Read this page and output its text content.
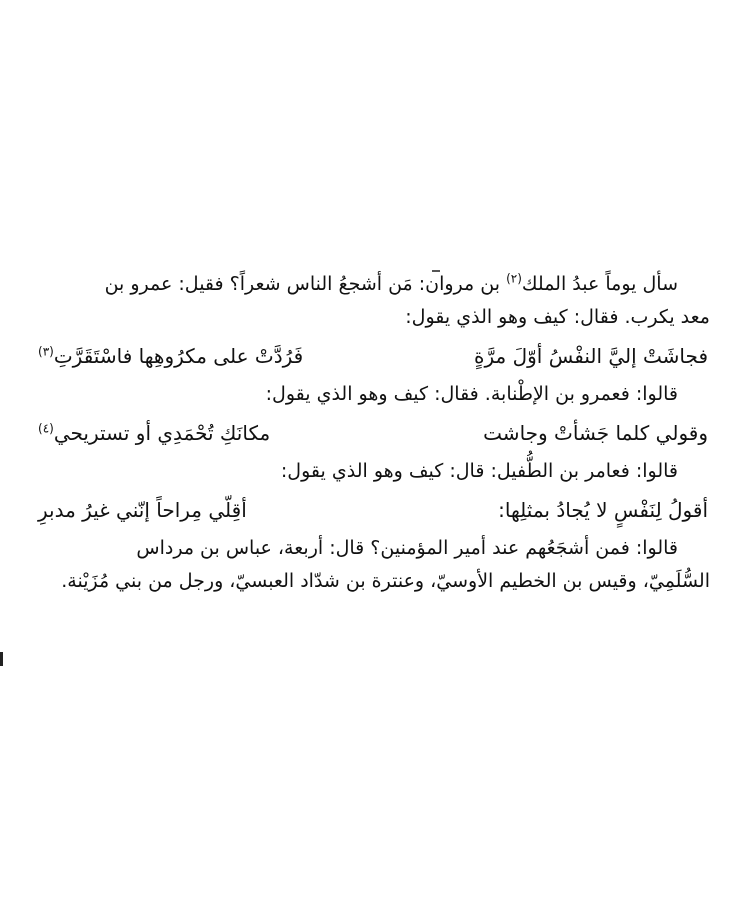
سأل يوماً عبدُ الملك$^{(٢)}$ بن مروان: مَن أشجعُ الناس شعراً؟ فقيل: عمرو بن
معد يكرب. فقال: كيف وهو الذي يقول:
فجاشَتْ إليَّ النفْسُ أوّلَ مرَّةٍ
فَرُدَّتْ على مكرُوهِها فاسْتَقَرَّتِ$^{(٣)}$
قالوا: فعمرو بن الإطْنابة. فقال: كيف وهو الذي يقول:
وقولي كلما جَشأتْ وجاشت
مكانَكِ تُحْمَدِي أو تستريحي$^{(٤)}$
قالوا: فعامر بن الطُّفيل: قال: كيف وهو الذي يقول:
أقولُ لِنَفْسٍ لا يُجادُ بمثلِها:
أقِلّي مِراحاً إنّني غيرُ مدبرِ
قالوا: فمن أشجَعُهم عند أمير المؤمنين؟ قال: أربعة، عباس بن مرداس
السُّلَمِيّ، وقيس بن الخطيم الأوسيّ، وعنترة بن شدّاد العبسيّ، ورجل من بني مُزَيْنة.
